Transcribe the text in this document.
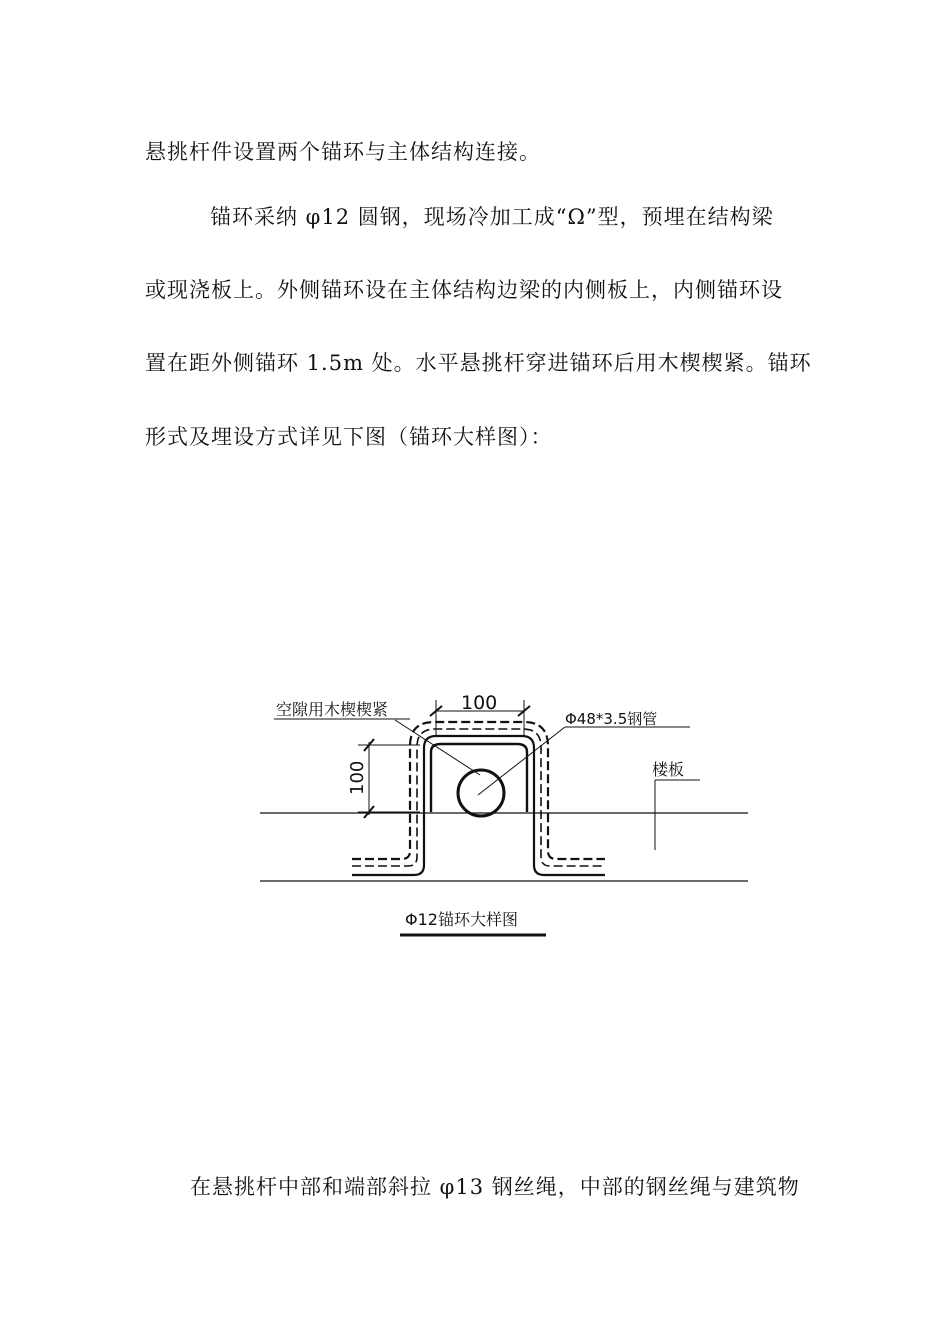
悬挑杆件设置两个锚环与主体结构连接。
锚环采纳 φ12 圆钢，现场冷加工成“Ω”型，预埋在结构梁
或现浇板上。外侧锚环设在主体结构边梁的内侧板上，内侧锚环设
置在距外侧锚环 1.5m 处。水平悬挑杆穿进锚环后用木楔楔紧。锚环
形式及埋设方式详见下图（锚环大样图）：
100
100
空隙用木楔楔紧	Φ48*3.5钢管
楼板
Φ12锚环大样图
在悬挑杆中部和端部斜拉 φ13 钢丝绳，中部的钢丝绳与建筑物
